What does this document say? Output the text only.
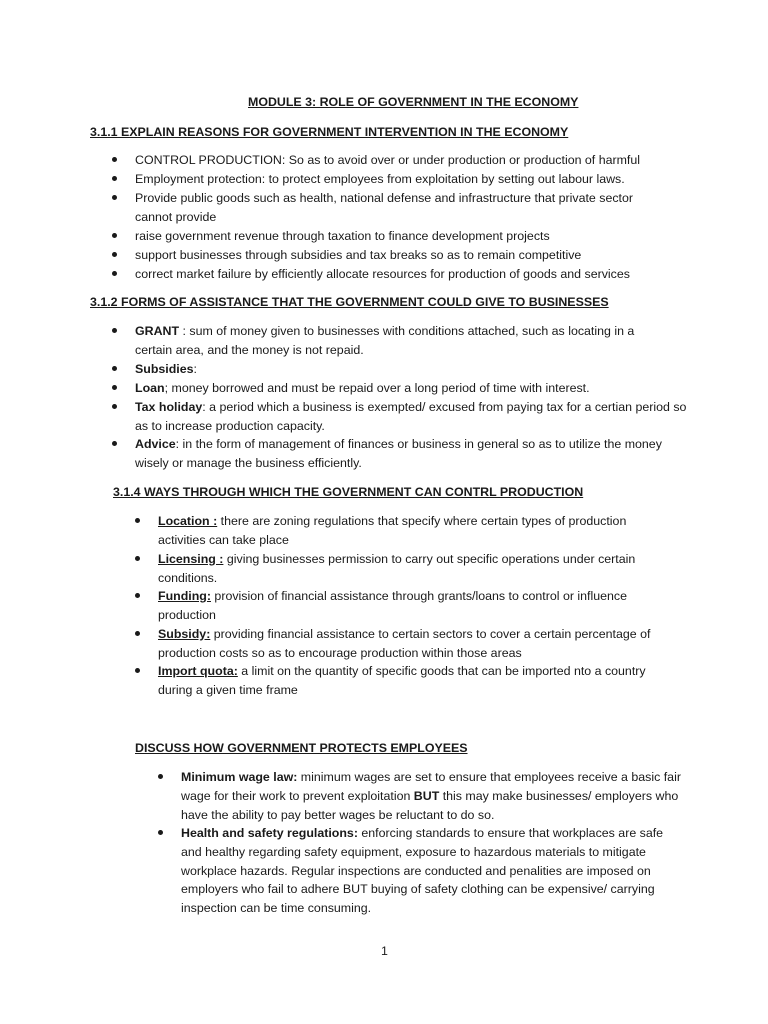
MODULE 3: ROLE OF GOVERNMENT IN THE ECONOMY
3.1.1 EXPLAIN REASONS FOR GOVERNMENT INTERVENTION IN THE ECONOMY
CONTROL PRODUCTION: So as to avoid over or under production or production of harmful
Employment protection: to protect employees from exploitation by setting out labour laws.
Provide public goods such as health, national defense and infrastructure that private sector cannot provide
raise government revenue through taxation to finance development projects
support businesses through subsidies and tax breaks so as to remain competitive
correct market failure by efficiently allocate resources for production of goods and services
3.1.2 FORMS OF ASSISTANCE THAT THE GOVERNMENT COULD GIVE TO BUSINESSES
GRANT : sum of money given to businesses with conditions attached, such as locating in a certain area, and the money is not repaid.
Subsidies:
Loan; money borrowed and must be repaid over a long period of time with interest.
Tax holiday: a period which a business is exempted/ excused from paying tax for a certian period so as to increase production capacity.
Advice: in the form of management of finances or business in general so as to utilize the money wisely or manage the business efficiently.
3.1.4 WAYS THROUGH WHICH THE GOVERNMENT CAN CONTRL PRODUCTION
Location : there are zoning regulations that specify where certain types of production activities can take place
Licensing : giving businesses permission to carry out specific operations under certain conditions.
Funding: provision of financial assistance through grants/loans to control or influence production
Subsidy: providing financial assistance to certain sectors to cover a certain percentage of production costs so as to encourage production within those areas
Import quota: a limit on the quantity of specific goods that can be imported nto a country during a given time frame
DISCUSS HOW GOVERNMENT PROTECTS EMPLOYEES
Minimum wage law: minimum wages are set to ensure that employees receive a basic fair wage for their work to prevent exploitation BUT this may make businesses/ employers who have the ability to pay better wages be reluctant to do so.
Health and safety regulations: enforcing standards to ensure that workplaces are safe and healthy regarding safety equipment, exposure to hazardous materials to mitigate workplace hazards. Regular inspections are conducted and penalities are imposed on employers who fail to adhere BUT buying of safety clothing can be expensive/ carrying inspection can be time consuming.
1
